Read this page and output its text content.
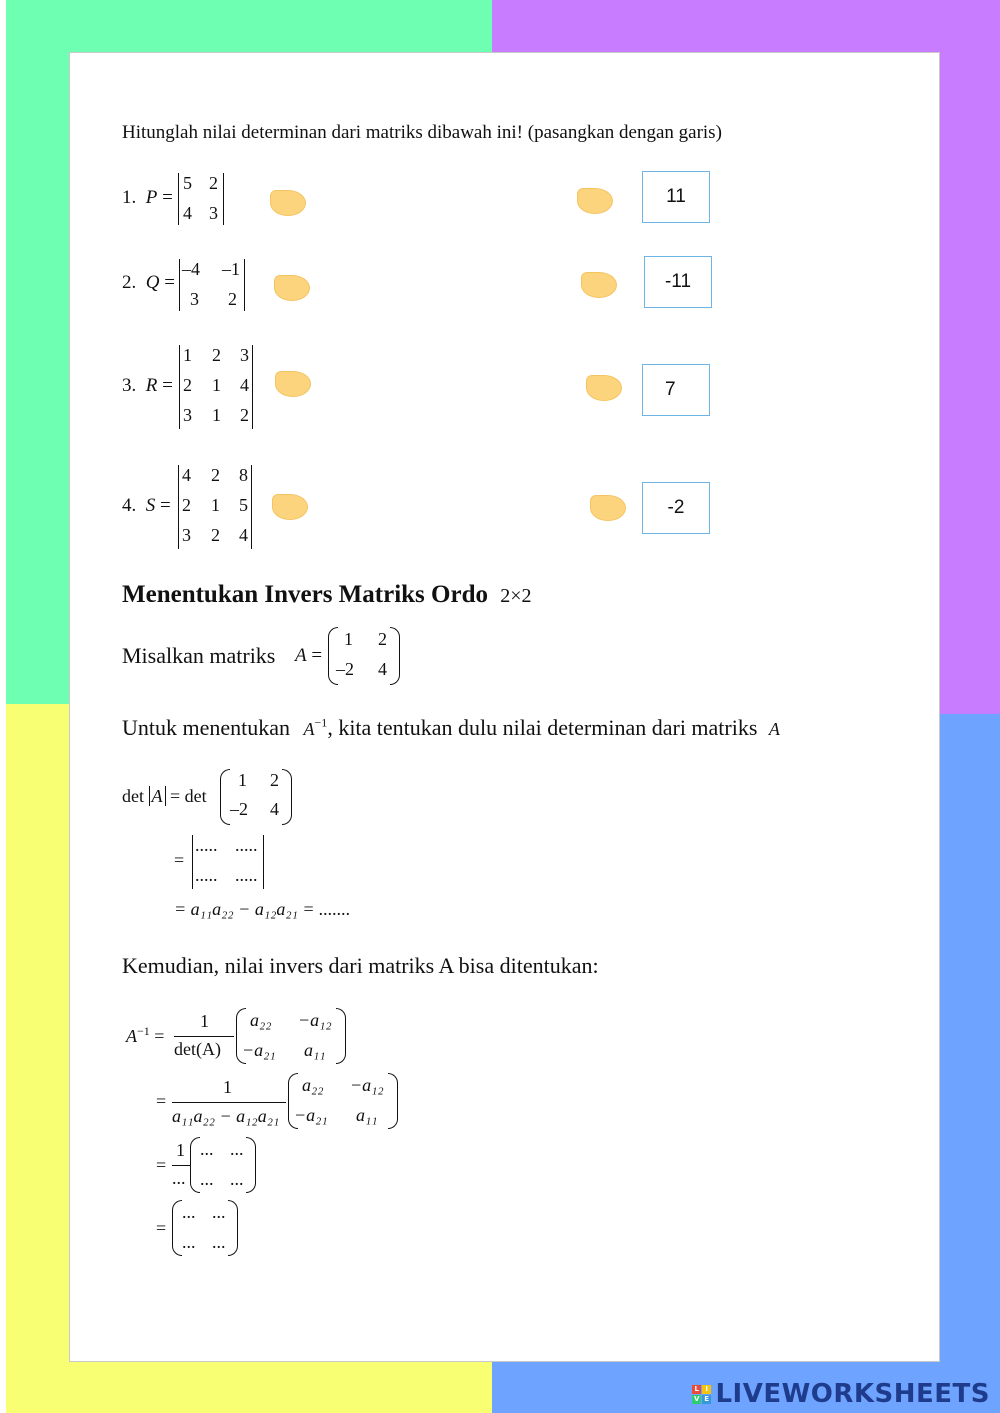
Hitunglah nilai determinan dari matriks dibawah ini! (pasangkan dengan garis)
1. P =
5 2
4 3
11
2. Q =
–4 –1
3 2
-11
3. R =
1 2 3
2 1 4
3 1 2
7
4. S =
4 2 8
2 1 5
3 2 4
-2
Menentukan Invers Matriks Ordo 2×2
Misalkan matriks A =
1 2
–2 4
Untuk menentukan $A^{-1}$, kita tentukan dulu nilai determinan dari matriks A
det A = det
1 2
–2 4
=
..... .....
..... .....
= a₁₁a₂₂ − a₁₂a₂₁ = .......
Kemudian, nilai invers dari matriks A bisa ditentukan:
$A^{-1}$ =
1
det(A)
a₂₂ −a₁₂
−a₂₁ a₁₁
=
1
a₁₁a₂₂ − a₁₂a₂₁
a₂₂ −a₁₂
−a₂₁ a₁₁
=
1
...
... ...
... ...
=
... ...
... ...
L I
V E LIVEWORKSHEETS
